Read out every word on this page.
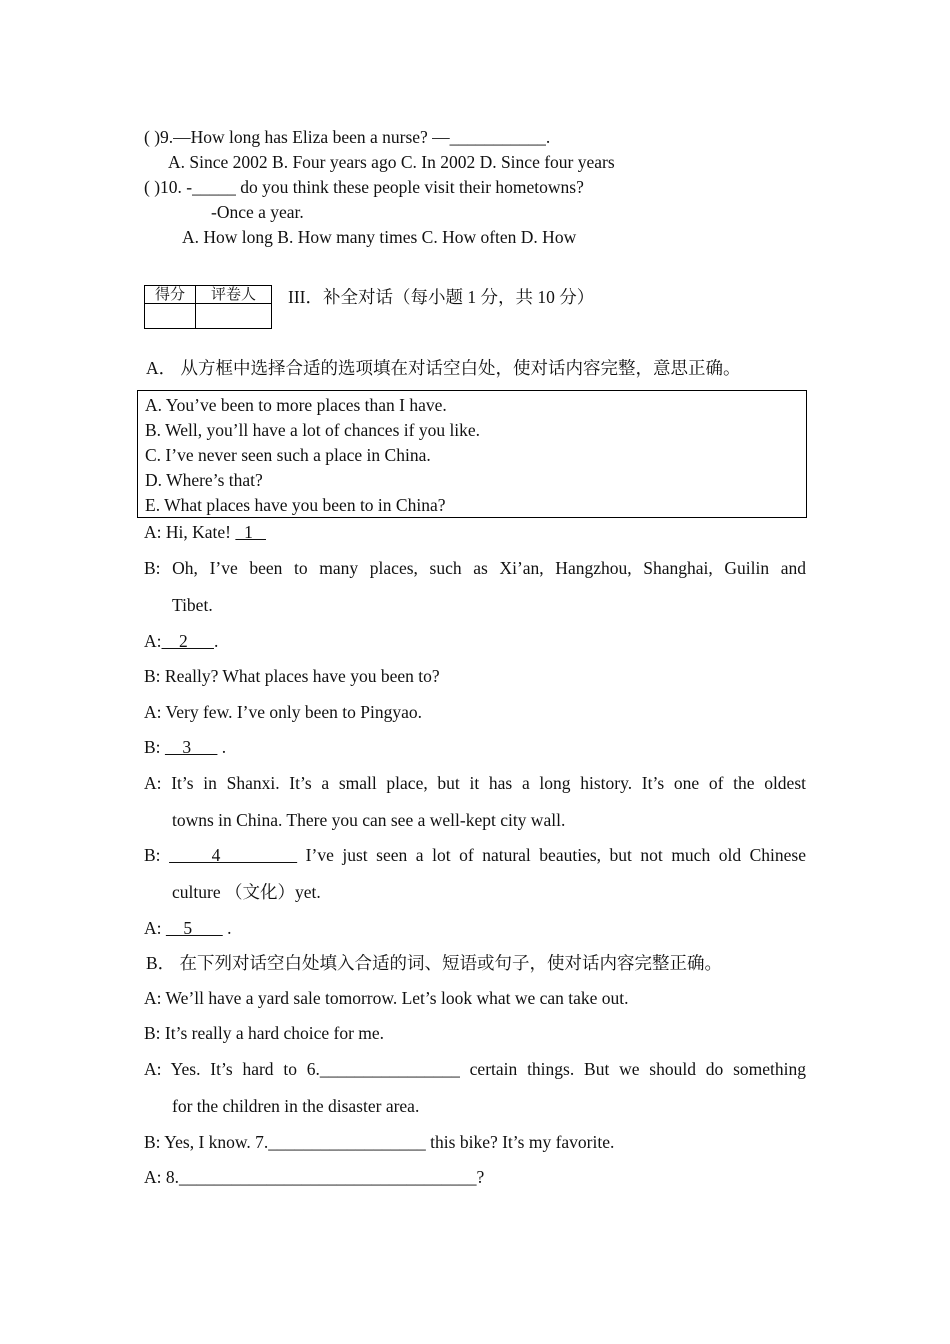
( )9.—How long has Eliza been a nurse? —___________.
A. Since 2002 B. Four years ago C. In 2002 D. Since four years
( )10. -_____ do you think these people visit their hometowns?
-Once a year.
A. How long B. How many times C. How often D. How
得分	评卷人
	III．补全对话（每小题 1 分，共 10 分）
A． 从方框中选择合适的选项填在对话空白处，使对话内容完整，意思正确。
A. You’ve been to more places than I have.
B. Well, you’ll have a lot of chances if you like.
C. I’ve never seen such a place in China.
D. Where’s that?
E. What places have you been to in China?
A: Hi, Kate!   1
B: Oh, I’ve been to many places, such as Xi’an, Hangzhou, Shanghai, Guilin and
Tibet.
A:    2      .
B: Really? What places have you been to?
A: Very few. I’ve only been to Pingyao.
B:     3       .
A: It’s in Shanxi. It’s a small place, but it has a long history. It’s one of the oldest
towns in China. There you can see a well-kept city wall.
B:      4          I’ve just seen a lot of natural beauties, but not much old Chinese
culture （文化）yet.
A:     5        .
B． 在下列对话空白处填入合适的词、短语或句子，使对话内容完整正确。
A: We’ll have a yard sale tomorrow. Let’s look what we can take out.
B: It’s really a hard choice for me.
A: Yes. It’s hard to 6.________________ certain things. But we should do something
for the children in the disaster area.
B: Yes, I know. 7.__________________ this bike? It’s my favorite.
A: 8.__________________________________?
